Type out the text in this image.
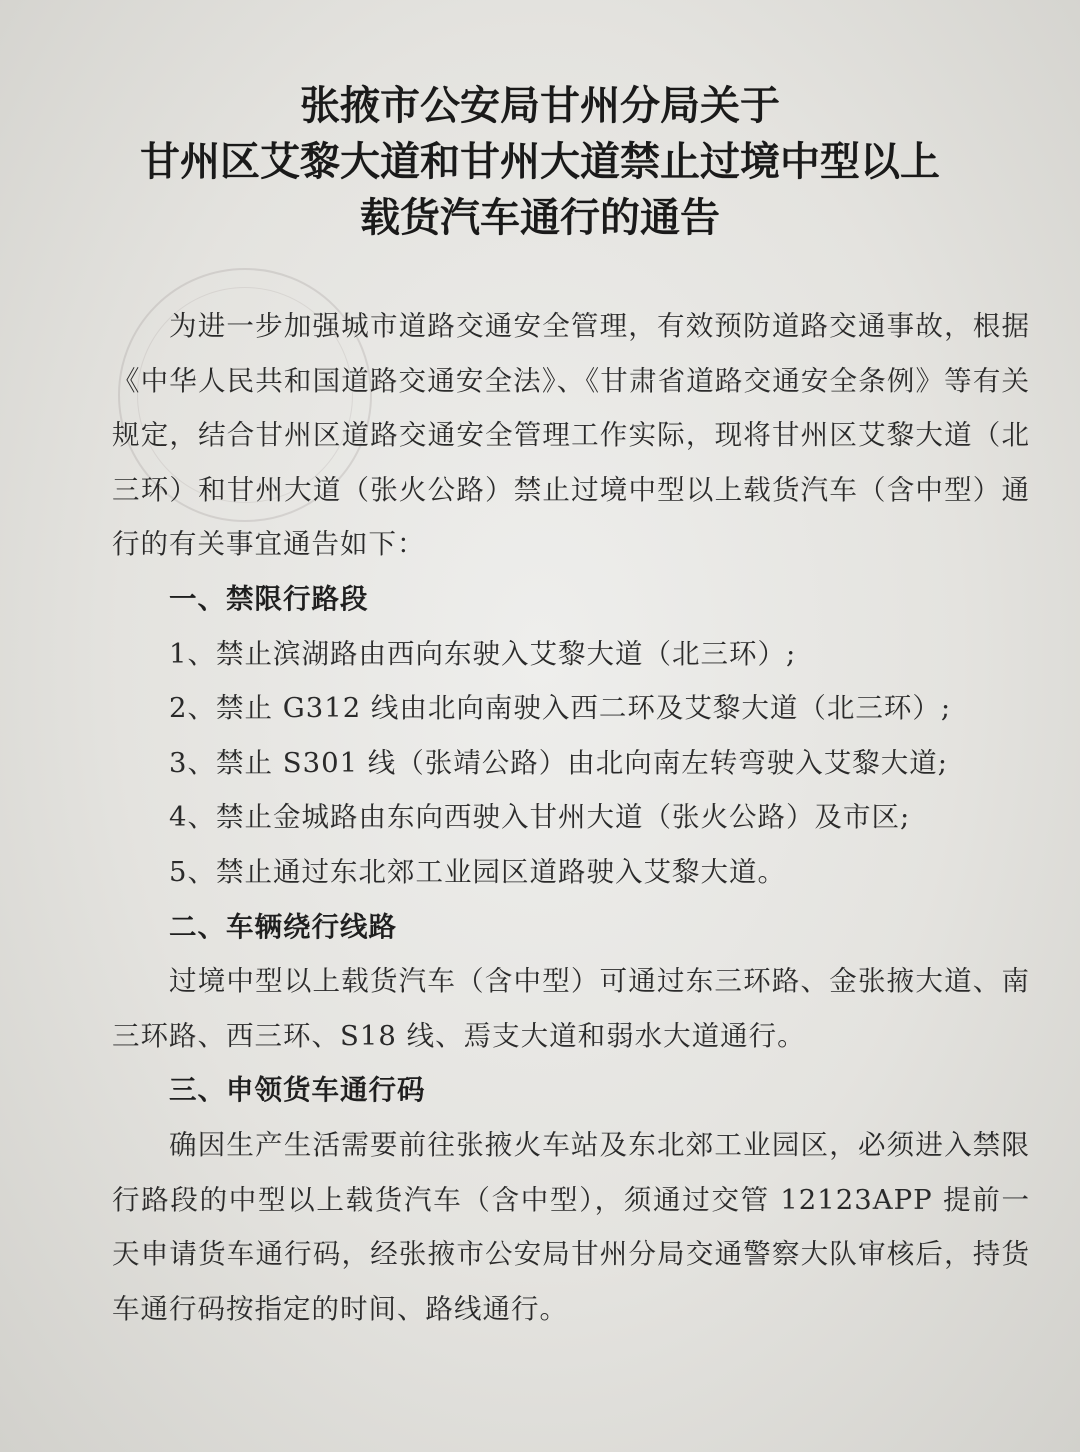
张掖市公安局甘州分局关于
甘州区艾黎大道和甘州大道禁止过境中型以上
载货汽车通行的通告

为进一步加强城市道路交通安全管理，有效预防道路交通事故，根据《中华人民共和国道路交通安全法》、《甘肃省道路交通安全条例》等有关规定，结合甘州区道路交通安全管理工作实际，现将甘州区艾黎大道（北三环）和甘州大道（张火公路）禁止过境中型以上载货汽车（含中型）通行的有关事宜通告如下：

一、禁限行路段

1、禁止滨湖路由西向东驶入艾黎大道（北三环）;

2、禁止 G312 线由北向南驶入西二环及艾黎大道（北三环）;

3、禁止 S301 线（张靖公路）由北向南左转弯驶入艾黎大道;

4、禁止金城路由东向西驶入甘州大道（张火公路）及市区;

5、禁止通过东北郊工业园区道路驶入艾黎大道。

二、车辆绕行线路

过境中型以上载货汽车（含中型）可通过东三环路、金张掖大道、南三环路、西三环、S18 线、焉支大道和弱水大道通行。

三、申领货车通行码

确因生产生活需要前往张掖火车站及东北郊工业园区，必须进入禁限行路段的中型以上载货汽车（含中型），须通过交管 12123APP 提前一天申请货车通行码，经张掖市公安局甘州分局交通警察大队审核后，持货车通行码按指定的时间、路线通行。
